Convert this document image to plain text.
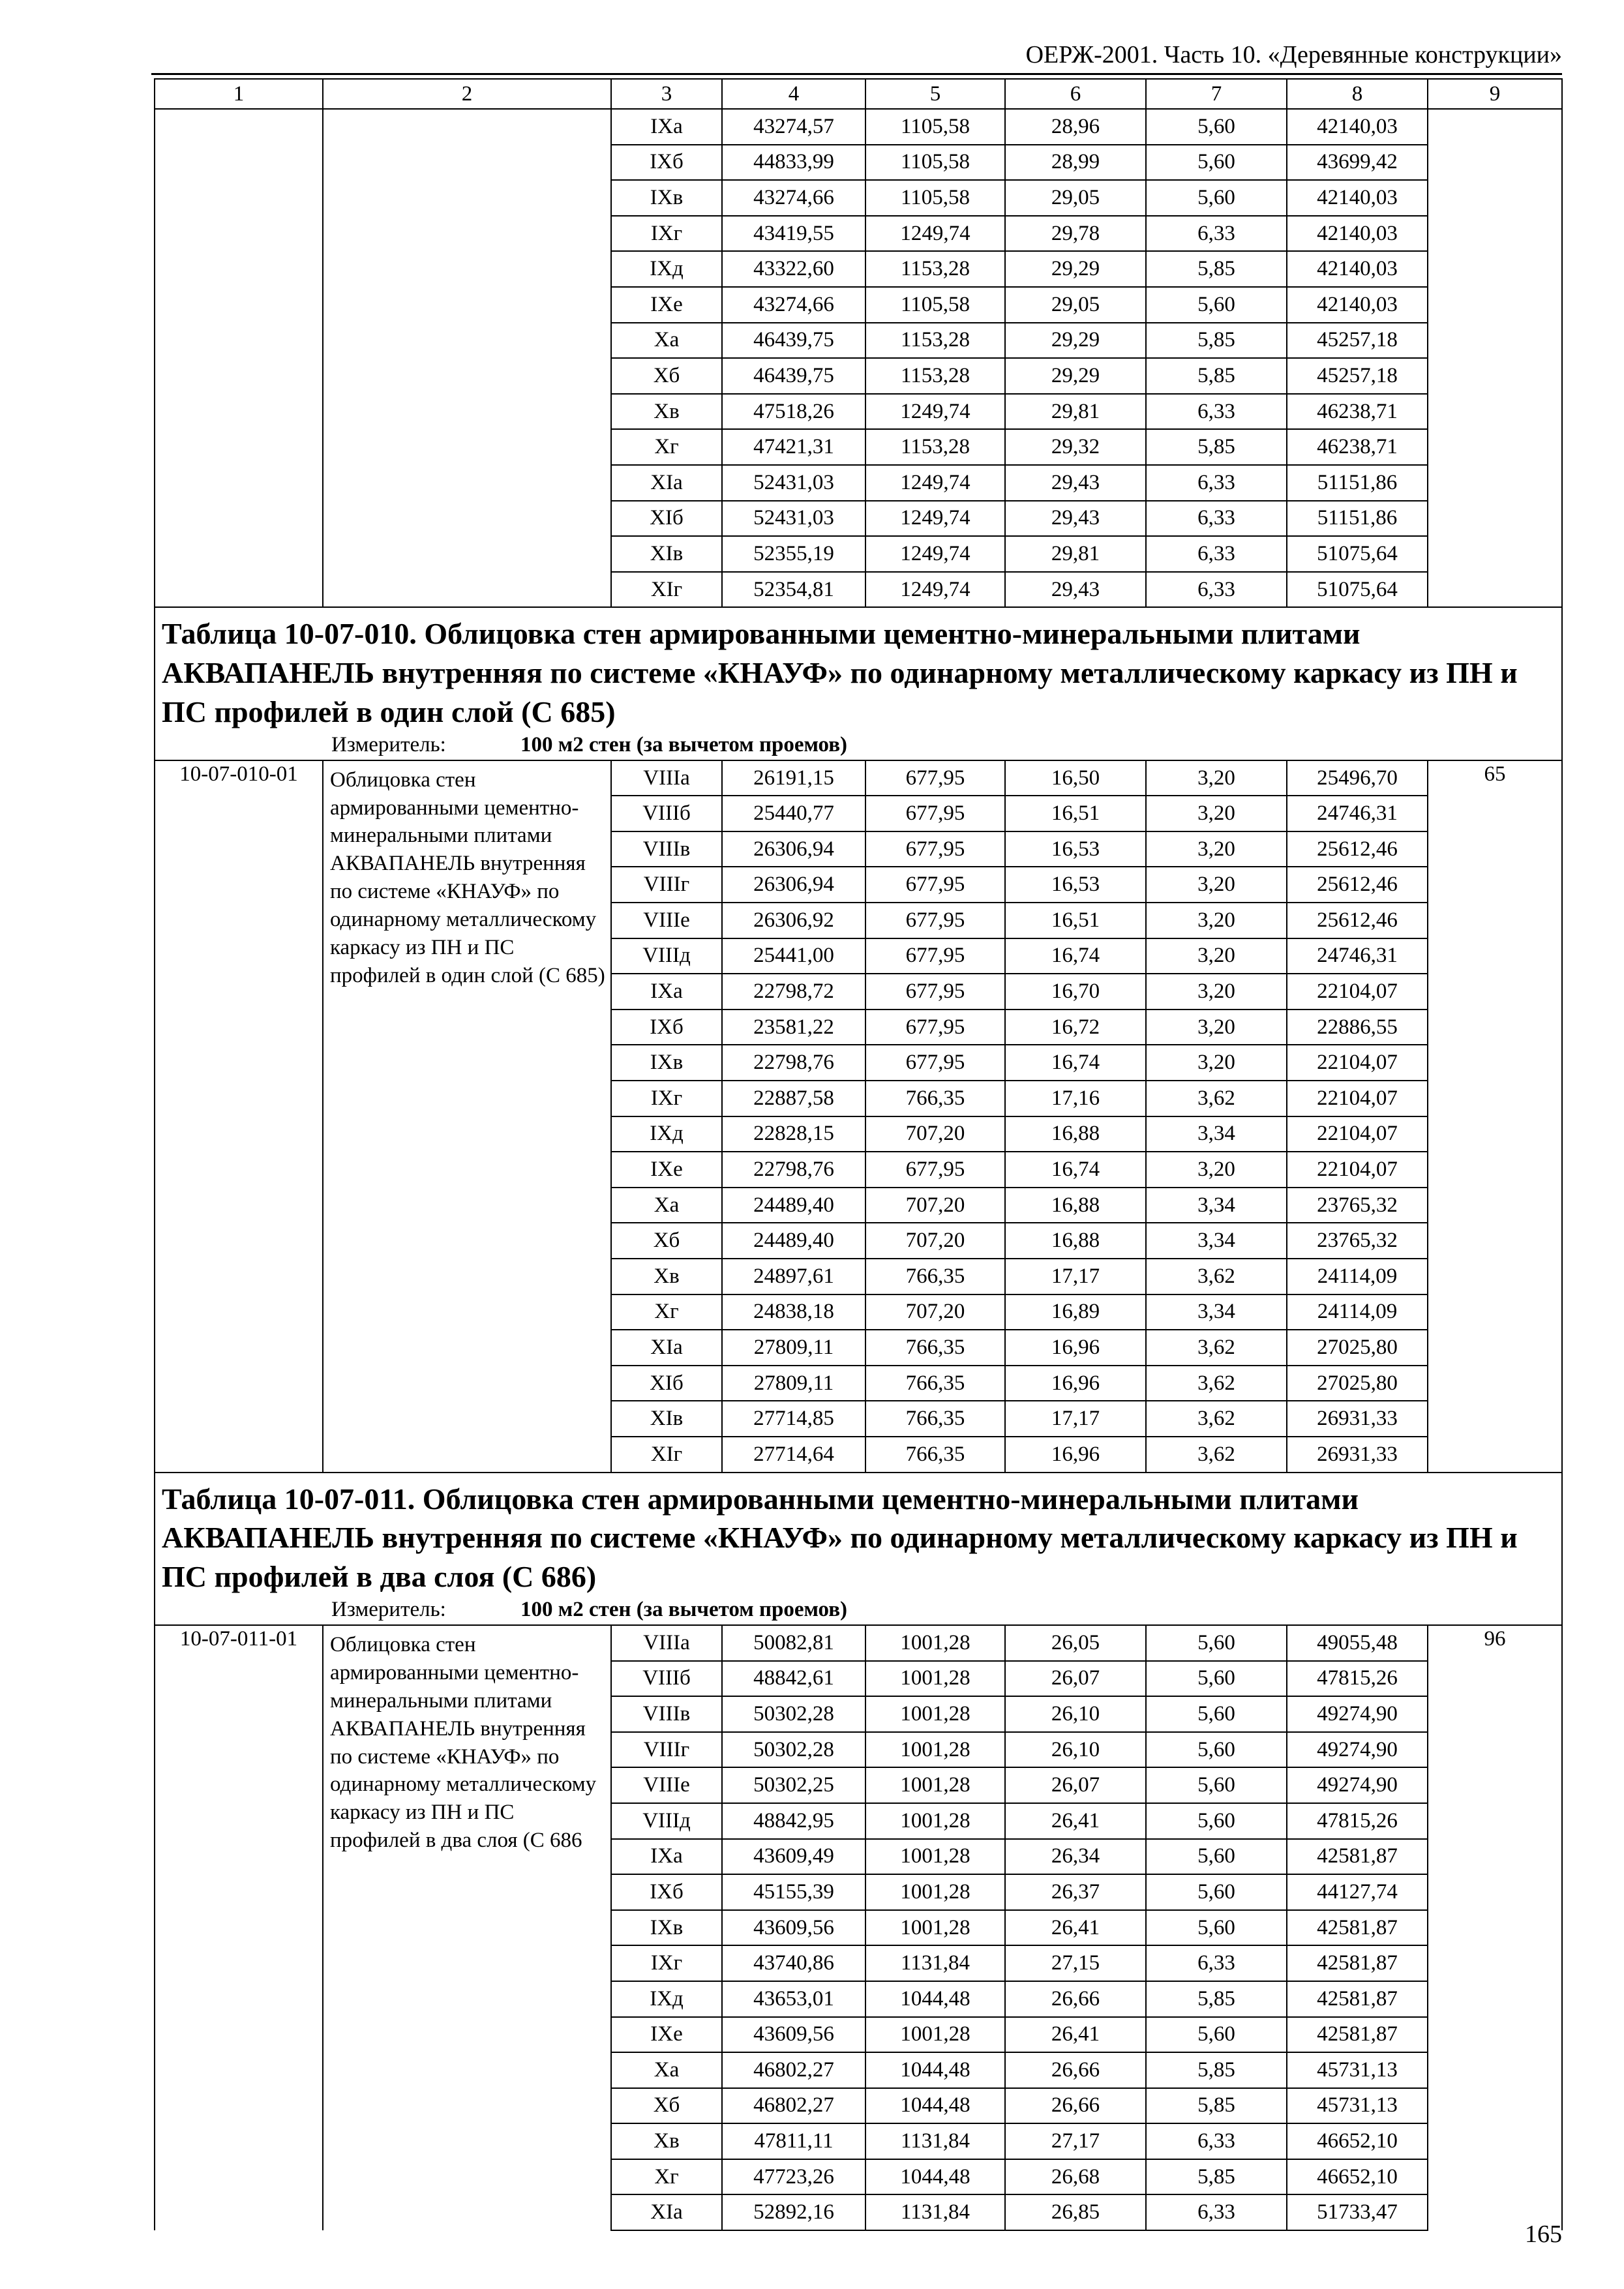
ОЕРЖ-2001. Часть 10. «Деревянные конструкции»
1	2	3	4	5	6	7	8	9
		IXа	43274,57	1105,58	28,96	5,60	42140,03	
		IXб	44833,99	1105,58	28,99	5,60	43699,42	
		IXв	43274,66	1105,58	29,05	5,60	42140,03	
		IXг	43419,55	1249,74	29,78	6,33	42140,03	
		IXд	43322,60	1153,28	29,29	5,85	42140,03	
		IXе	43274,66	1105,58	29,05	5,60	42140,03	
		Xа	46439,75	1153,28	29,29	5,85	45257,18	
		Xб	46439,75	1153,28	29,29	5,85	45257,18	
		Xв	47518,26	1249,74	29,81	6,33	46238,71	
		Xг	47421,31	1153,28	29,32	5,85	46238,71	
		XIа	52431,03	1249,74	29,43	6,33	51151,86	
		XIб	52431,03	1249,74	29,43	6,33	51151,86	
		XIв	52355,19	1249,74	29,81	6,33	51075,64	
		XIг	52354,81	1249,74	29,43	6,33	51075,64	

Таблица 10-07-010. Облицовка стен армированными цементно-минеральными плитами АКВАПАНЕЛЬ внутренняя по системе «КНАУФ» по одинарному металлическому каркасу из ПН и ПС профилей в один слой (С 685)
Измеритель: 100 м2 стен (за вычетом проемов)								

10-07-010-01	Облицовка стен армированными цементно-минеральными плитами АКВАПАНЕЛЬ внутренняя по системе «КНАУФ» по одинарному металлическому каркасу из ПН и ПС профилей в один слой (С 685)	VIIIа	26191,15	677,95	16,50	3,20	25496,70	65
		VIIIб	25440,77	677,95	16,51	3,20	24746,31	
		VIIIв	26306,94	677,95	16,53	3,20	25612,46	
		VIIIг	26306,94	677,95	16,53	3,20	25612,46	
		VIIIе	26306,92	677,95	16,51	3,20	25612,46	
		VIIIд	25441,00	677,95	16,74	3,20	24746,31	
		IXа	22798,72	677,95	16,70	3,20	22104,07	
		IXб	23581,22	677,95	16,72	3,20	22886,55	
		IXв	22798,76	677,95	16,74	3,20	22104,07	
		IXг	22887,58	766,35	17,16	3,62	22104,07	
		IXд	22828,15	707,20	16,88	3,34	22104,07	
		IXе	22798,76	677,95	16,74	3,20	22104,07	
		Xа	24489,40	707,20	16,88	3,34	23765,32	
		Xб	24489,40	707,20	16,88	3,34	23765,32	
		Xв	24897,61	766,35	17,17	3,62	24114,09	
		Xг	24838,18	707,20	16,89	3,34	24114,09	
		XIа	27809,11	766,35	16,96	3,62	27025,80	
		XIб	27809,11	766,35	16,96	3,62	27025,80	
		XIв	27714,85	766,35	17,17	3,62	26931,33	
		XIг	27714,64	766,35	16,96	3,62	26931,33	

Таблица 10-07-011. Облицовка стен армированными цементно-минеральными плитами АКВАПАНЕЛЬ внутренняя по системе «КНАУФ» по одинарному металлическому каркасу из ПН и ПС профилей в два слоя (С 686)
Измеритель: 100 м2 стен (за вычетом проемов)								

10-07-011-01	Облицовка стен армированными цементно-минеральными плитами АКВАПАНЕЛЬ внутренняя по системе «КНАУФ» по одинарному металлическому каркасу из ПН и ПС профилей в два слоя (С 686	VIIIа	50082,81	1001,28	26,05	5,60	49055,48	96
		VIIIб	48842,61	1001,28	26,07	5,60	47815,26	
		VIIIв	50302,28	1001,28	26,10	5,60	49274,90	
		VIIIг	50302,28	1001,28	26,10	5,60	49274,90	
		VIIIе	50302,25	1001,28	26,07	5,60	49274,90	
		VIIIд	48842,95	1001,28	26,41	5,60	47815,26	
		IXа	43609,49	1001,28	26,34	5,60	42581,87	
		IXб	45155,39	1001,28	26,37	5,60	44127,74	
		IXв	43609,56	1001,28	26,41	5,60	42581,87	
		IXг	43740,86	1131,84	27,15	6,33	42581,87	
		IXд	43653,01	1044,48	26,66	5,85	42581,87	
		IXе	43609,56	1001,28	26,41	5,60	42581,87	
		Xа	46802,27	1044,48	26,66	5,85	45731,13	
		Xб	46802,27	1044,48	26,66	5,85	45731,13	
		Xв	47811,11	1131,84	27,17	6,33	46652,10	
		Xг	47723,26	1044,48	26,68	5,85	46652,10	
		XIа	52892,16	1131,84	26,85	6,33	51733,47	
165
